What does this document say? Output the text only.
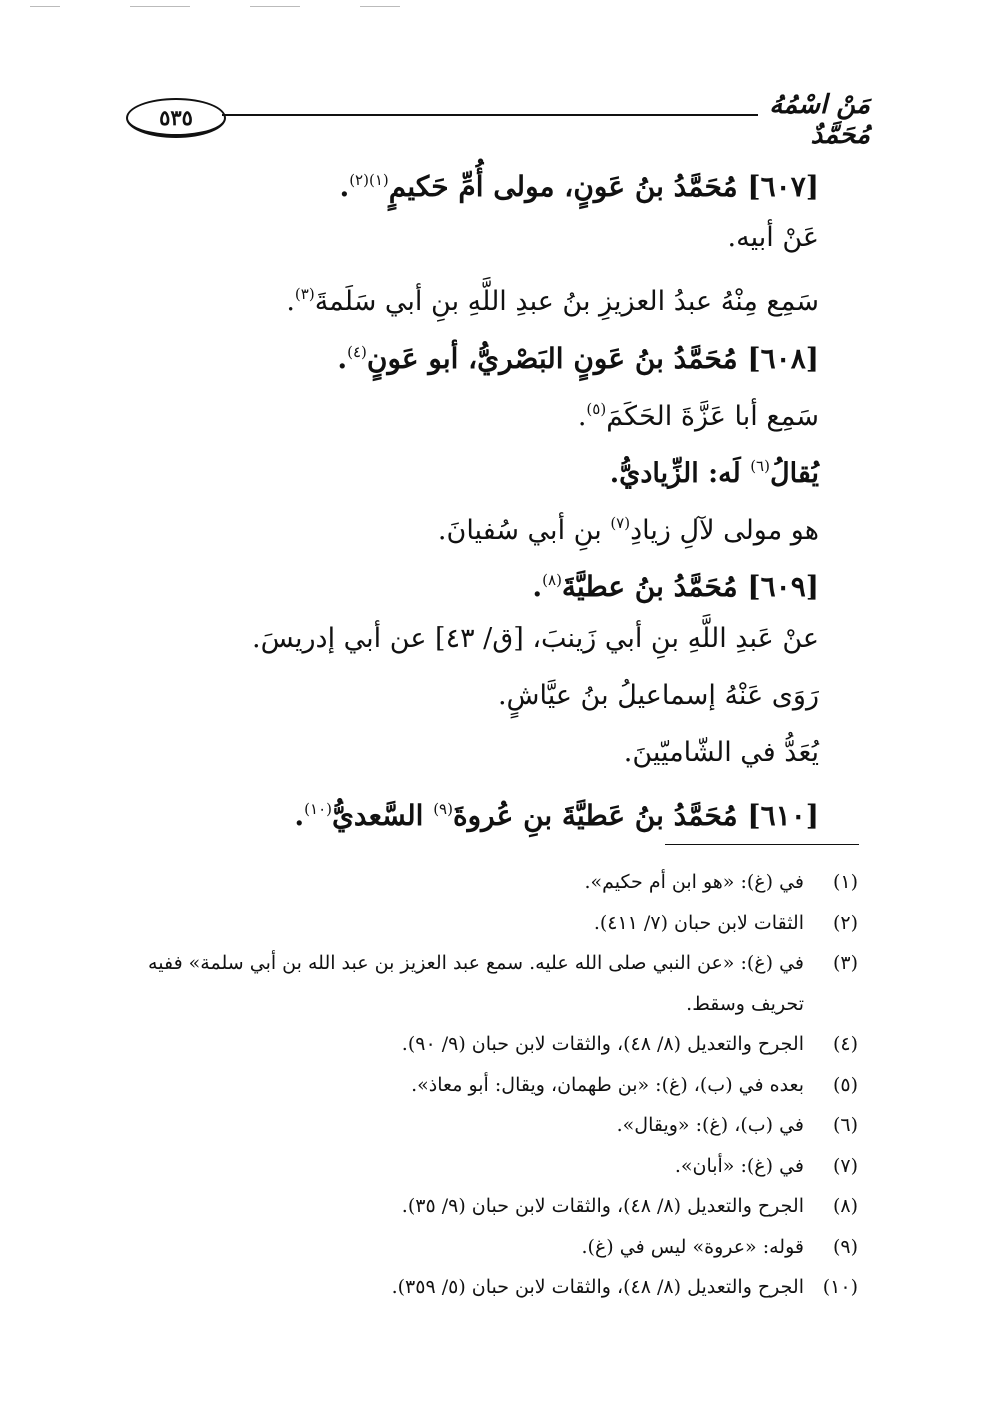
٥٣٥	مَنْ اسْمُهُ مُحَمَّدٌ
[٦٠٧] مُحَمَّدُ بنُ عَونٍ، مولى أُمِّ حَكيمٍ$^{(١)(٢)}$.
عَنْ أبيه.
سَمِع مِنْهُ عبدُ العزيزِ بنُ عبدِ اللَّهِ بنِ أبي سَلَمةَ$^{(٣)}$.
[٦٠٨] مُحَمَّدُ بنُ عَونٍ البَصْريُّ، أبو عَونٍ$^{(٤)}$.
سَمِع أبا عَزَّةَ الحَكَمَ$^{(٥)}$.
يُقالُ$^{(٦)}$ لَه: الزِّياديُّ.
هو مولى لآلِ زيادِ$^{(٧)}$ بنِ أبي سُفيانَ.
[٦٠٩] مُحَمَّدُ بنُ عطيَّةَ$^{(٨)}$.
عنْ عَبدِ اللَّهِ بنِ أبي زَينبَ، [ق/ ٤٣] عن أبي إدريسَ.
رَوَى عَنْهُ إسماعيلُ بنُ عيَّاشٍ.
يُعَدُّ في الشّاميّينَ.
[٦١٠] مُحَمَّدُ بنُ عَطيَّةَ بنِ عُروةَ$^{(٩)}$ السَّعديُّ$^{(١٠)}$.
(١)
في (غ): «هو ابن أم حكيم».
(٢)
الثقات لابن حبان (٧/ ٤١١).
(٣)
في (غ): «عن النبي صلى الله عليه. سمع عبد العزيز بن عبد الله بن أبي سلمة» ففيه تحريف وسقط.
(٤)
الجرح والتعديل (٨/ ٤٨)، والثقات لابن حبان (٩/ ٩٠).
(٥)
بعده في (ب)، (غ): «بن طهمان، ويقال: أبو معاذ».
(٦)
في (ب)، (غ): «ويقال».
(٧)
في (غ): «أبان».
(٨)
الجرح والتعديل (٨/ ٤٨)، والثقات لابن حبان (٩/ ٣٥).
(٩)
قوله: «عروة» ليس في (غ).
(١٠)
الجرح والتعديل (٨/ ٤٨)، والثقات لابن حبان (٥/ ٣٥٩).
